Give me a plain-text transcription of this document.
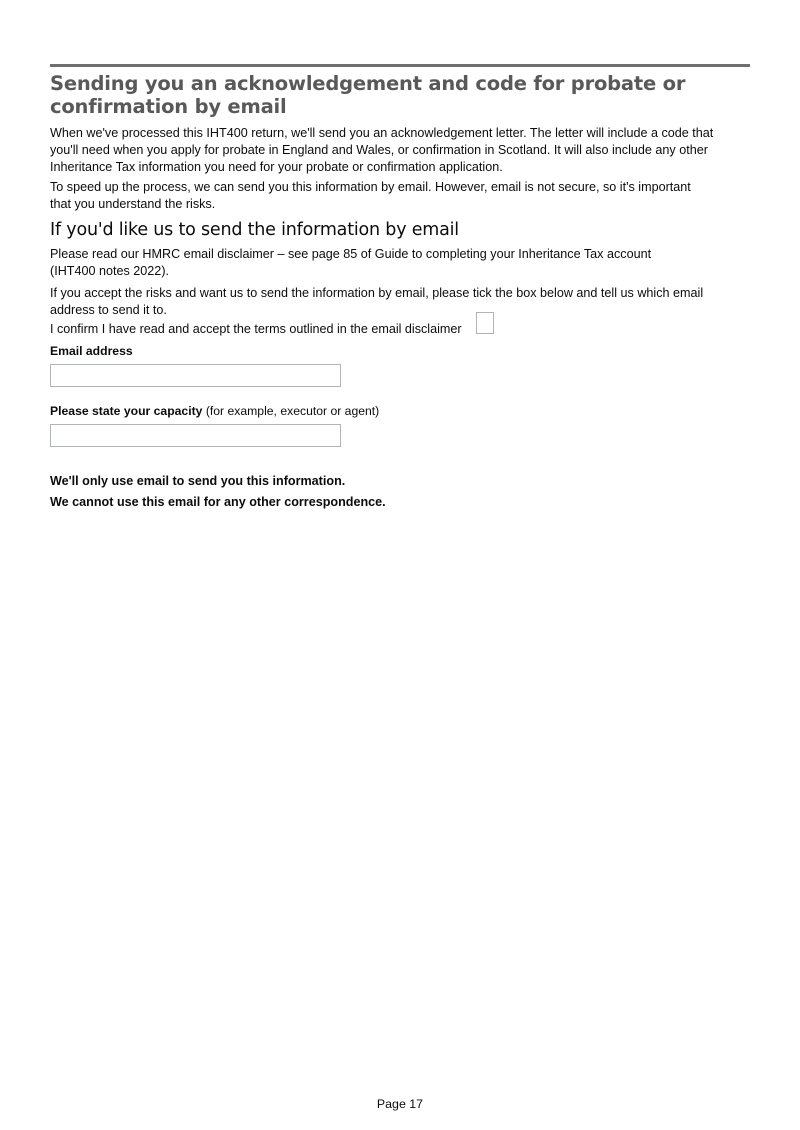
Sending you an acknowledgement and code for probate or confirmation by email

When we've processed this IHT400 return, we'll send you an acknowledgement letter. The letter will include a code that you'll need when you apply for probate in England and Wales, or confirmation in Scotland. It will also include any other Inheritance Tax information you need for your probate or confirmation application.

To speed up the process, we can send you this information by email. However, email is not secure, so it's important that you understand the risks.

If you'd like us to send the information by email

Please read our HMRC email disclaimer – see page 85 of Guide to completing your Inheritance Tax account
(IHT400 notes 2022).

If you accept the risks and want us to send the information by email, please tick the box below and tell us which email address to send it to.

I confirm I have read and accept the terms outlined in the email disclaimer
Email address
Please state your capacity (for example, executor or agent)

We'll only use email to send you this information.

We cannot use this email for any other correspondence.

Page 17
